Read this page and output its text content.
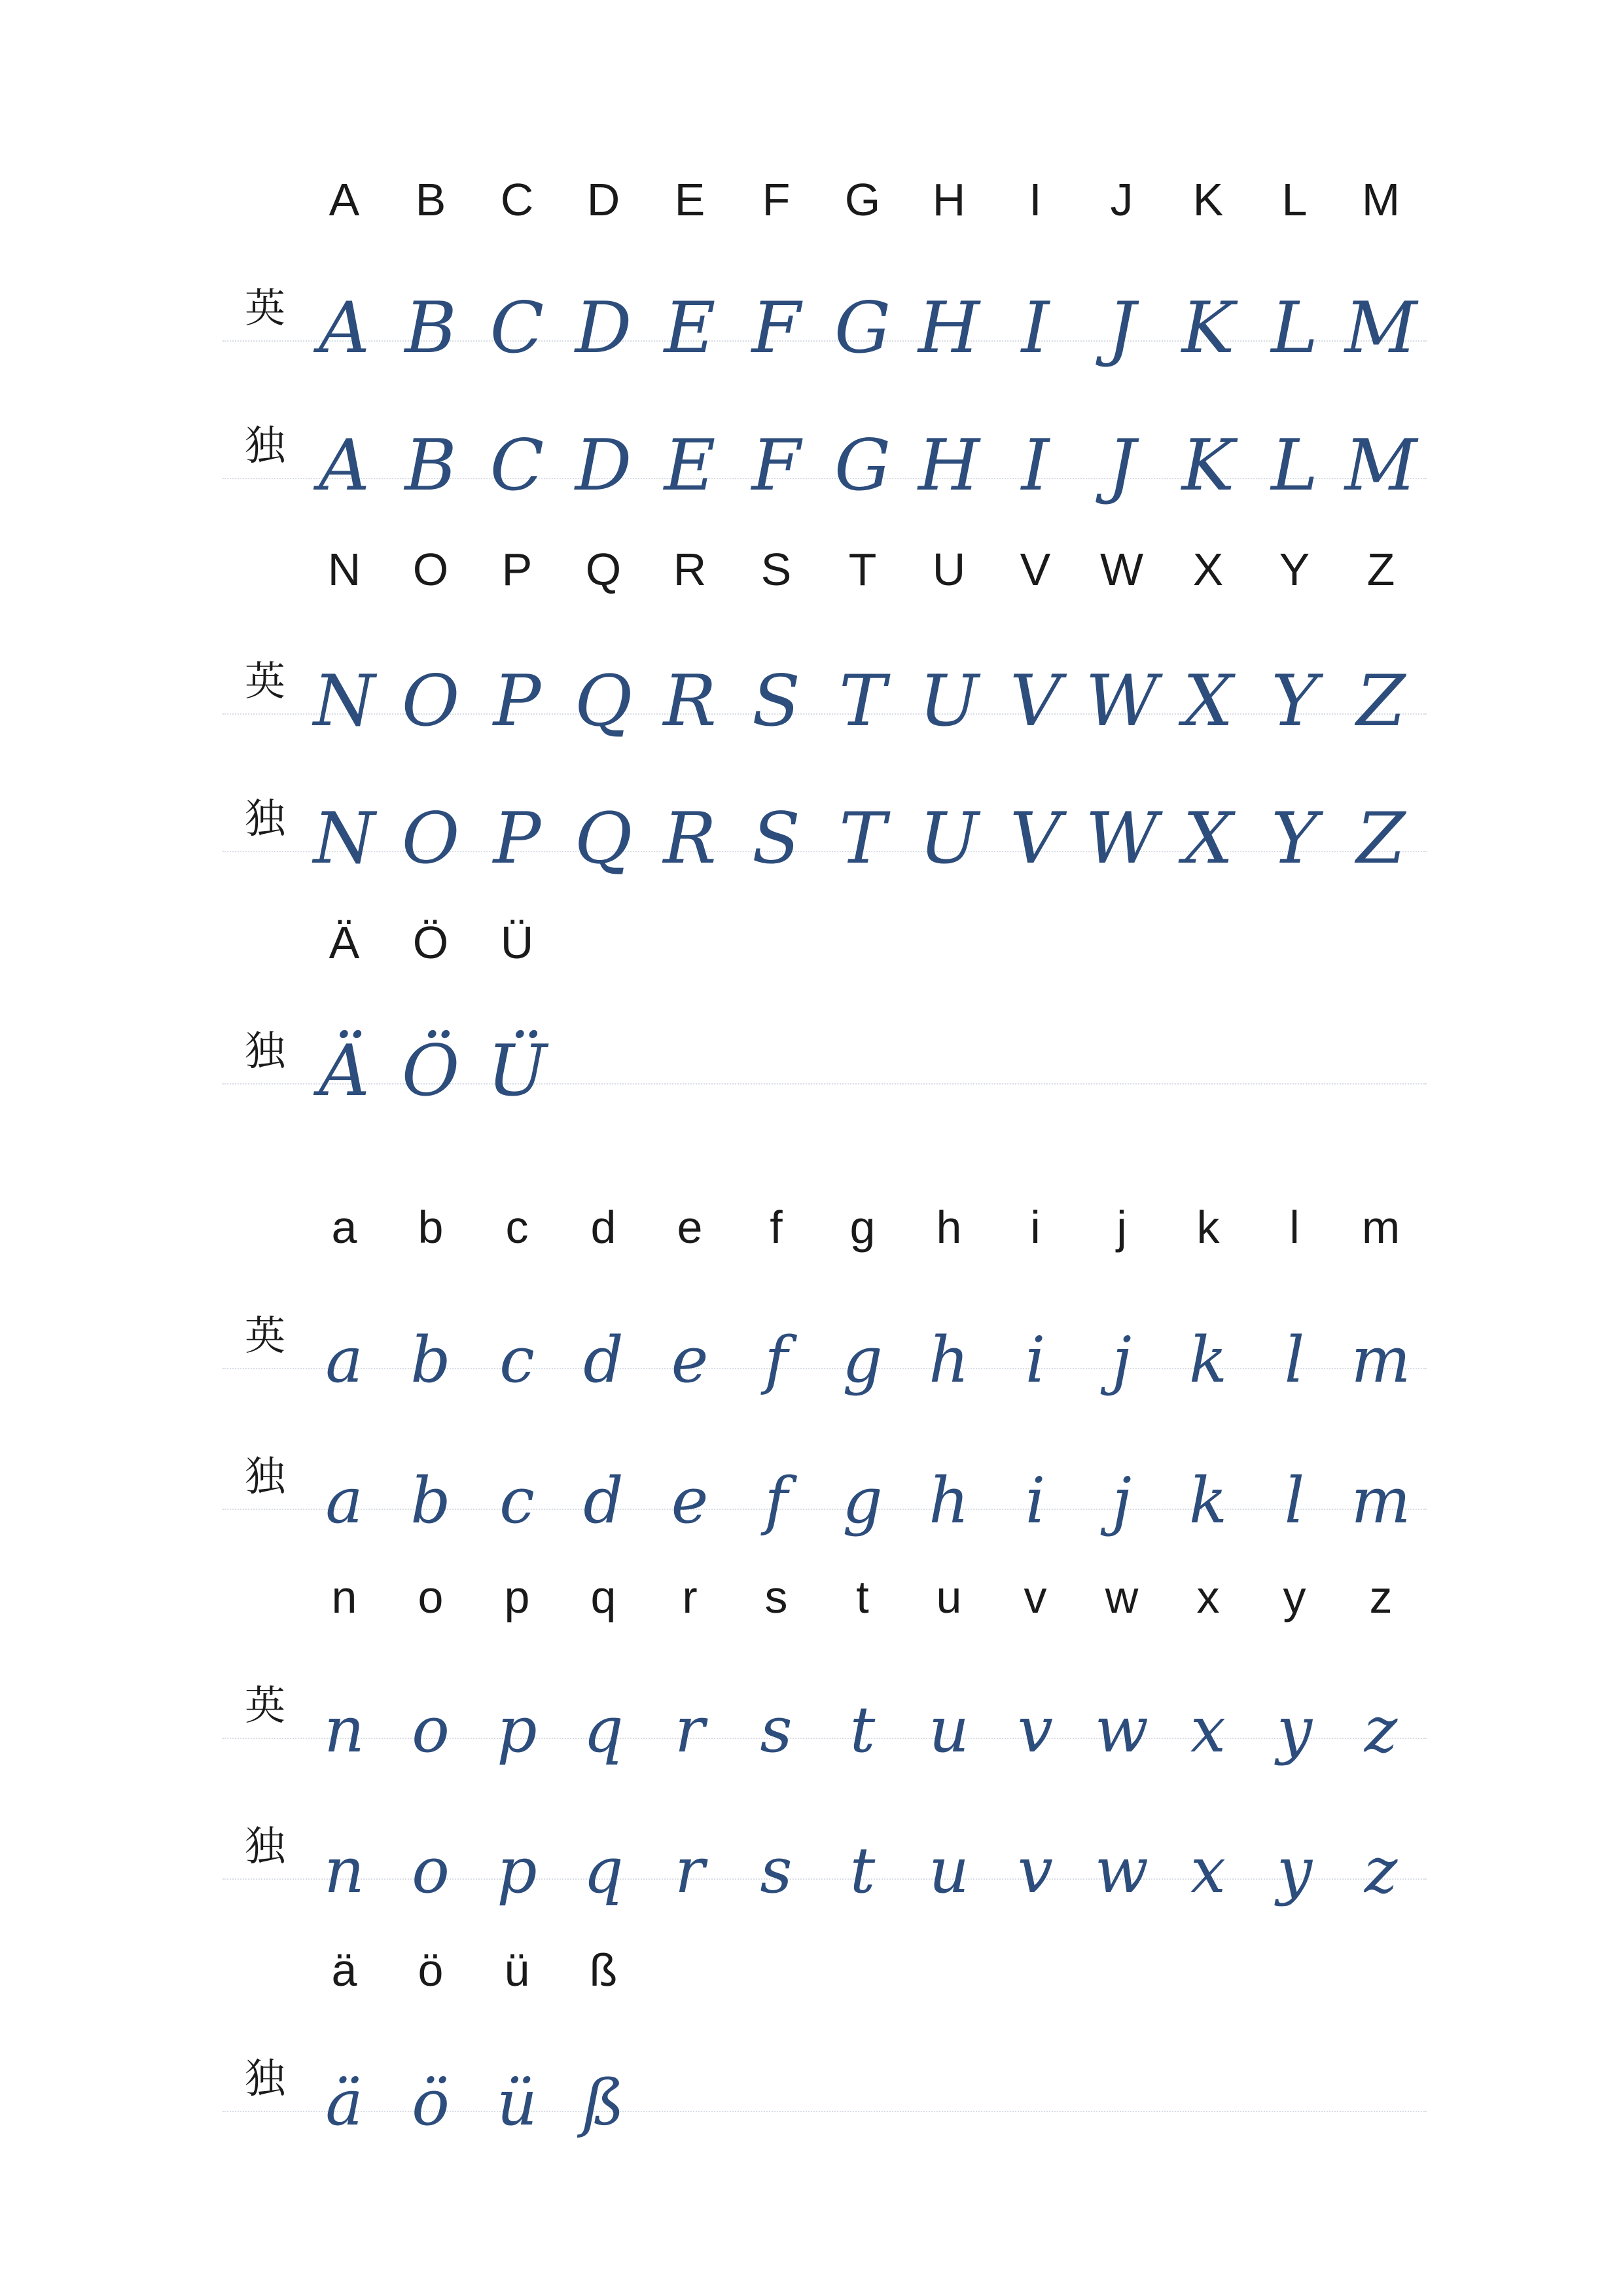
A	B	C	D	E	F	G	H	I	J	K	L	M
英 A B C D E F G H I J K L M
独 A B C D E F G H I J K L M
N	O	P	Q	R	S	T	U	V	W	X	Y	Z
英 N O P Q R S T U V W X Y Z
独 N O P Q R S T U V W X Y Z
Ä	Ö	Ü
独 Ä Ö Ü
a	b	c	d	e	f	g	h	i	j	k	l	m
英 a b c d e f g h i	j k l m
独 a b c d e f g h i	j k l m
n	o	p	q	r	s	t	u	v	w	x	y	z
英 n o p q r s t u v w x y z
独 n o p q r s t u v w x y z
ä	ö	ü	ß
独 ä ö ü ß
